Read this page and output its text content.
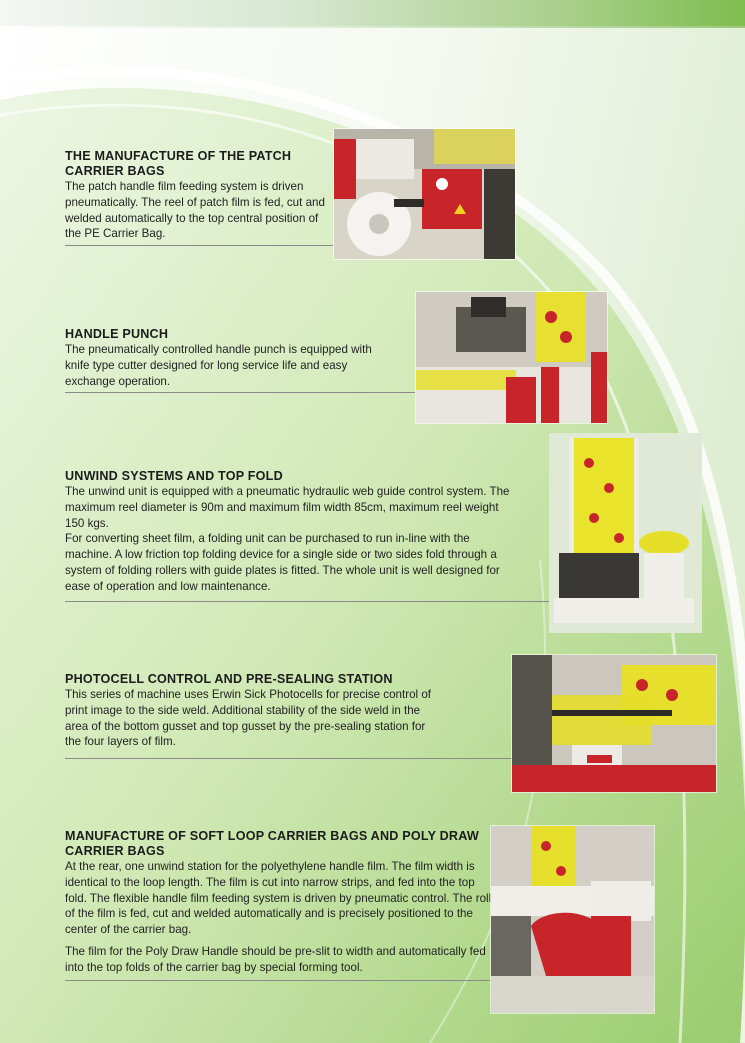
THE MANUFACTURE OF THE PATCH CARRIER BAGS

The patch handle film feeding system is driven pneumatically. The reel of patch film is fed, cut and welded automatically to the top central position of the PE Carrier Bag.

HANDLE PUNCH

The pneumatically controlled handle punch is equipped with knife type cutter designed for long service life and easy exchange operation.

UNWIND SYSTEMS AND TOP FOLD

The unwind unit is equipped with a pneumatic hydraulic web guide control system. The maximum reel diameter is 90m and maximum film width 85cm, maximum reel weight 150 kgs.

For converting sheet film, a folding unit can be purchased to run in-line with the machine. A low friction top folding device for a single side or two sides fold through a system of folding rollers with guide plates is fitted. The whole unit is well designed for ease of operation and low maintenance.

PHOTOCELL CONTROL AND PRE-SEALING STATION

This series of machine uses Erwin Sick Photocells for precise control of print image to the side weld. Additional stability of the side weld in the area of the bottom gusset and top gusset by the pre-sealing station for the four layers of film.

MANUFACTURE OF SOFT LOOP CARRIER BAGS AND POLY DRAW CARRIER BAGS

At the rear, one unwind station for the polyethylene handle film. The film width is identical to the loop length. The film is cut into narrow strips, and fed into the top fold. The flexible handle film feeding system is driven by pneumatic control. The roll of the film is fed, cut and welded automatically and is precisely positioned to the center of the carrier bag.

The film for the Poly Draw Handle should be pre-slit to width and automatically fed into the top folds of the carrier bag by special forming tool.
